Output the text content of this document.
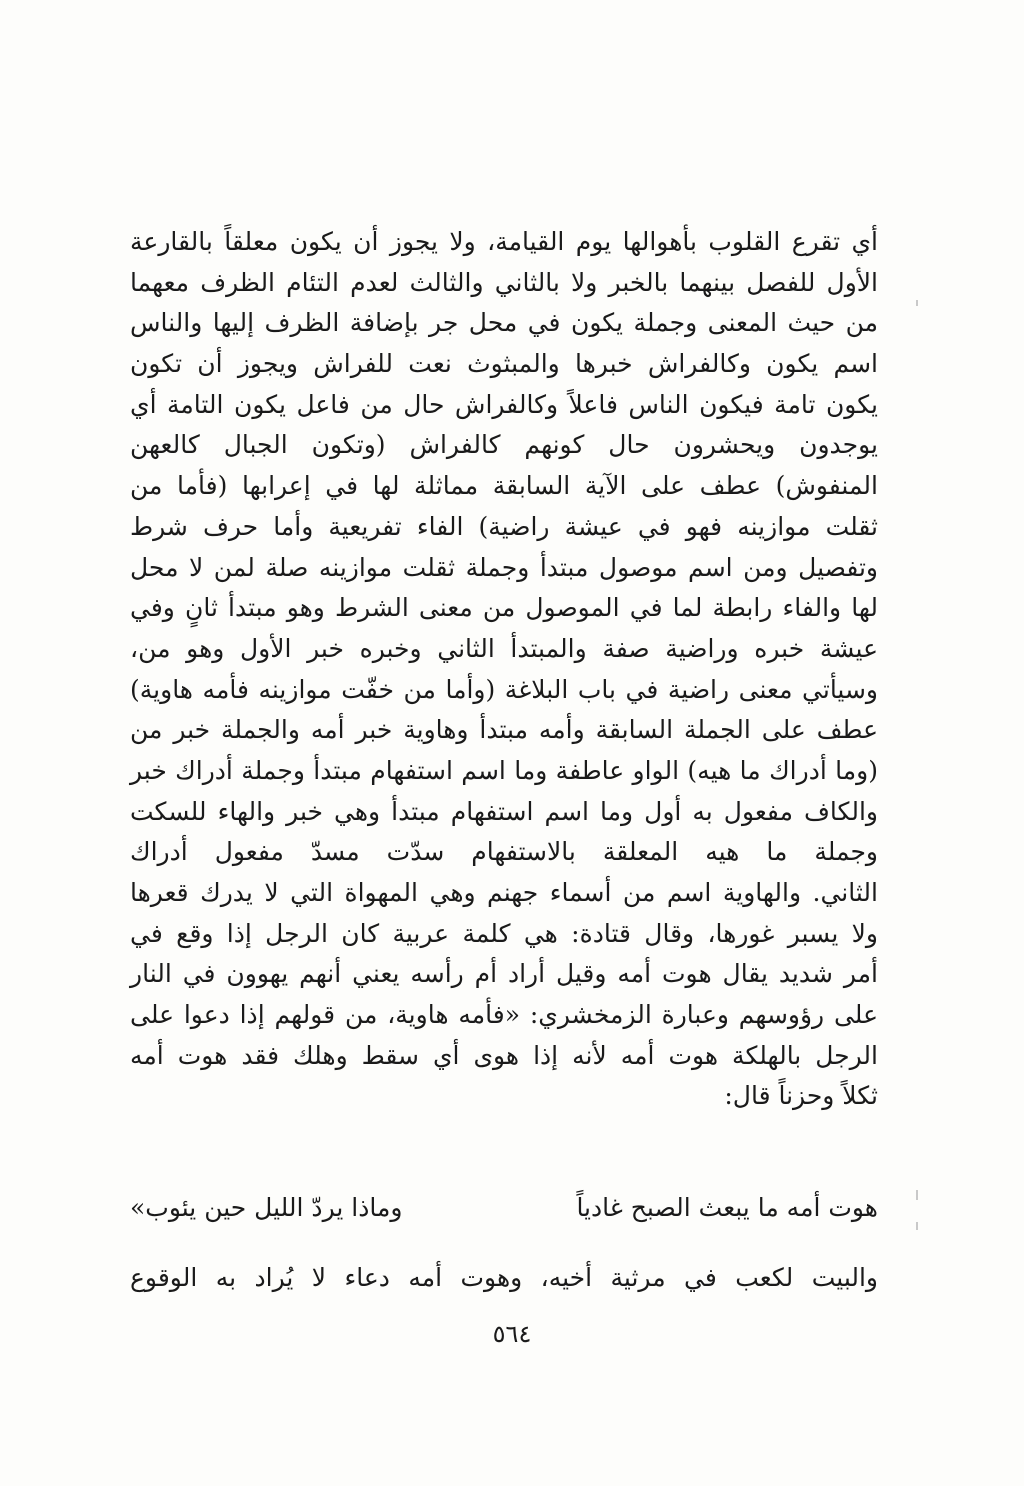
أي تقرع القلوب بأهوالها يوم القيامة، ولا يجوز أن يكون معلقاً بالقارعة
الأول للفصل بينهما بالخبر ولا بالثاني والثالث لعدم التئام الظرف معهما
من حيث المعنى وجملة يكون في محل جر بإضافة الظرف إليها والناس
اسم يكون وكالفراش خبرها والمبثوث نعت للفراش ويجوز أن تكون
يكون تامة فيكون الناس فاعلاً وكالفراش حال من فاعل يكون التامة أي
يوجدون ويحشرون حال كونهم كالفراش (وتكون الجبال كالعهن
المنفوش) عطف على الآية السابقة مماثلة لها في إعرابها (فأما من
ثقلت موازينه فهو في عيشة راضية) الفاء تفريعية وأما حرف شرط
وتفصيل ومن اسم موصول مبتدأ وجملة ثقلت موازينه صلة لمن لا محل
لها والفاء رابطة لما في الموصول من معنى الشرط وهو مبتدأ ثانٍ وفي
عيشة خبره وراضية صفة والمبتدأ الثاني وخبره خبر الأول وهو من،
وسيأتي معنى راضية في باب البلاغة (وأما من خفّت موازينه فأمه هاوية)
عطف على الجملة السابقة وأمه مبتدأ وهاوية خبر أمه والجملة خبر من
(وما أدراك ما هيه) الواو عاطفة وما اسم استفهام مبتدأ وجملة أدراك خبر
والكاف مفعول به أول وما اسم استفهام مبتدأ وهي خبر والهاء للسكت
وجملة ما هيه المعلقة بالاستفهام سدّت مسدّ مفعول أدراك
الثاني. والهاوية اسم من أسماء جهنم وهي المهواة التي لا يدرك قعرها
ولا يسبر غورها، وقال قتادة: هي كلمة عربية كان الرجل إذا وقع في
أمر شديد يقال هوت أمه وقيل أراد أم رأسه يعني أنهم يهوون في النار
على رؤوسهم وعبارة الزمخشري: «فأمه هاوية، من قولهم إذا دعوا على
الرجل بالهلكة هوت أمه لأنه إذا هوى أي سقط وهلك فقد هوت أمه
ثكلاً وحزناً قال:
هوت أمه ما يبعث الصبح غادياً
وماذا يردّ الليل حين يئوب»
والبيت لكعب في مرثية أخيه، وهوت أمه دعاء لا يُراد به الوقوع
٥٦٤
